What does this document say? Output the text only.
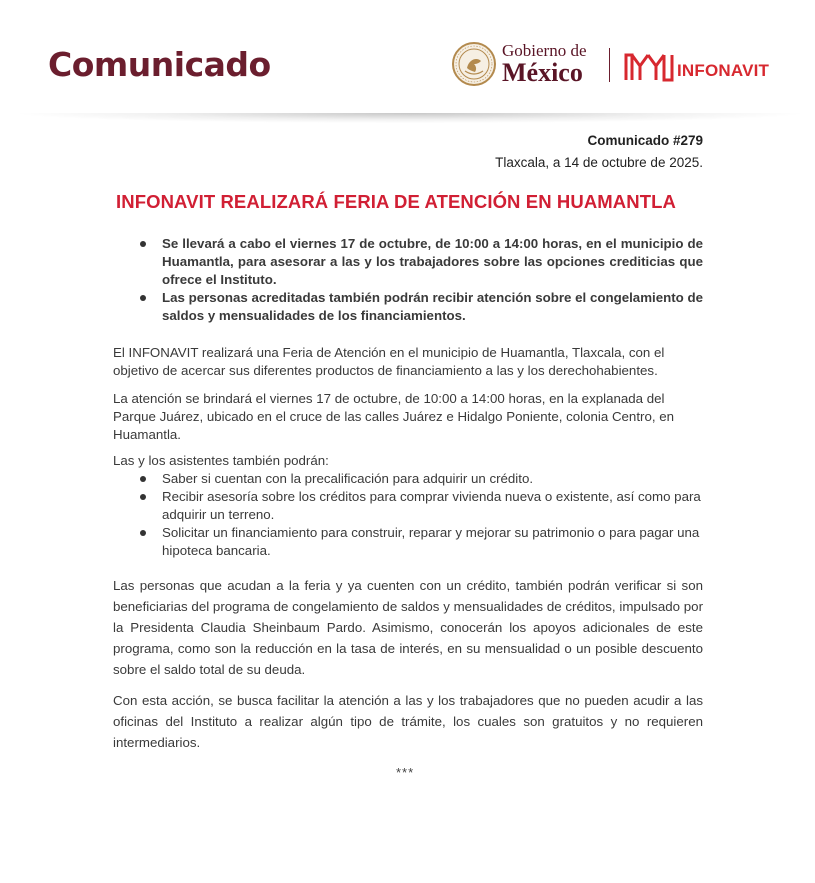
Comunicado	Gobierno de
México	INFONAVIT
Comunicado #279
Tlaxcala, a 14 de octubre de 2025.
INFONAVIT REALIZARÁ FERIA DE ATENCIÓN EN HUAMANTLA
Se llevará a cabo el viernes 17 de octubre, de 10:00 a 14:00 horas, en el municipio de Huamantla, para asesorar a las y los trabajadores sobre las opciones crediticias que ofrece el Instituto.
Las personas acreditadas también podrán recibir atención sobre el congelamiento de saldos y mensualidades de los financiamientos.
El INFONAVIT realizará una Feria de Atención en el municipio de Huamantla, Tlaxcala, con el objetivo de acercar sus diferentes productos de financiamiento a las y los derechohabientes.
La atención se brindará el viernes 17 de octubre, de 10:00 a 14:00 horas, en la explanada del Parque Juárez, ubicado en el cruce de las calles Juárez e Hidalgo Poniente, colonia Centro, en Huamantla.
Las y los asistentes también podrán:
Saber si cuentan con la precalificación para adquirir un crédito.
Recibir asesoría sobre los créditos para comprar vivienda nueva o existente, así como para adquirir un terreno.
Solicitar un financiamiento para construir, reparar y mejorar su patrimonio o para pagar una hipoteca bancaria.
Las personas que acudan a la feria y ya cuenten con un crédito, también podrán verificar si son beneficiarias del programa de congelamiento de saldos y mensualidades de créditos, impulsado por la Presidenta Claudia Sheinbaum Pardo. Asimismo, conocerán los apoyos adicionales de este programa, como son la reducción en la tasa de interés, en su mensualidad o un posible descuento sobre el saldo total de su deuda.
Con esta acción, se busca facilitar la atención a las y los trabajadores que no pueden acudir a las oficinas del Instituto a realizar algún tipo de trámite, los cuales son gratuitos y no requieren intermediarios.
***
